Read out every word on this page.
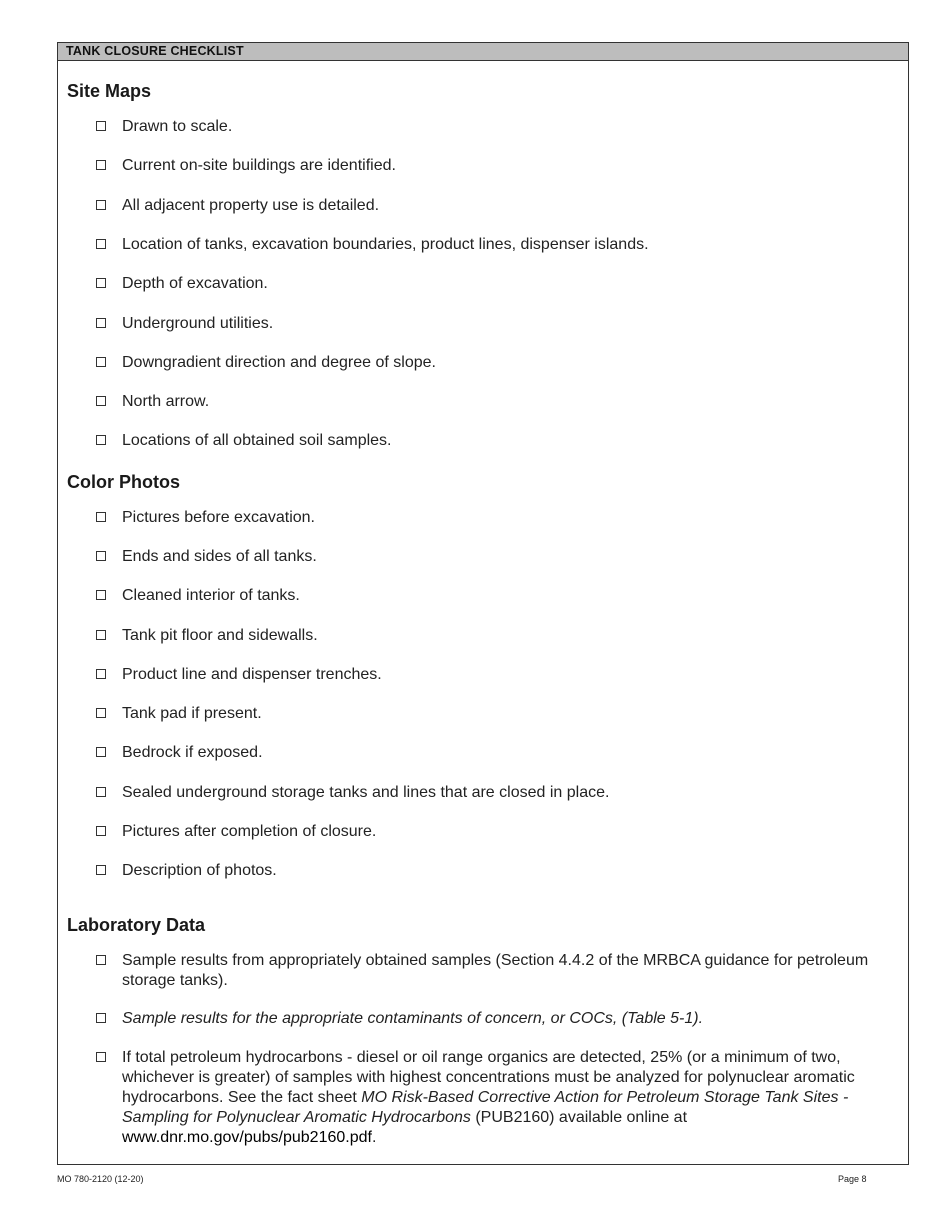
TANK CLOSURE CHECKLIST
Site Maps
Drawn to scale.
Current on-site buildings are identified.
All adjacent property use is detailed.
Location of tanks, excavation boundaries, product lines, dispenser islands.
Depth of excavation.
Underground utilities.
Downgradient direction and degree of slope.
North arrow.
Locations of all obtained soil samples.
Color Photos
Pictures before excavation.
Ends and sides of all tanks.
Cleaned interior of tanks.
Tank pit floor and sidewalls.
Product line and dispenser trenches.
Tank pad if present.
Bedrock if exposed.
Sealed underground storage tanks and lines that are closed in place.
Pictures after completion of closure.
Description of photos.
Laboratory Data
Sample results from appropriately obtained samples (Section 4.4.2 of the MRBCA guidance for petroleum storage tanks).
Sample results for the appropriate contaminants of concern, or COCs, (Table 5-1).
If total petroleum hydrocarbons - diesel or oil range organics are detected, 25% (or a minimum of two, whichever is greater) of samples with highest concentrations must be analyzed for polynuclear aromatic hydrocarbons. See the fact sheet MO Risk-Based Corrective Action for Petroleum Storage Tank Sites - Sampling for Polynuclear Aromatic Hydrocarbons (PUB2160) available online at www.dnr.mo.gov/pubs/pub2160.pdf.
MO 780-2120 (12-20)	Page 8
